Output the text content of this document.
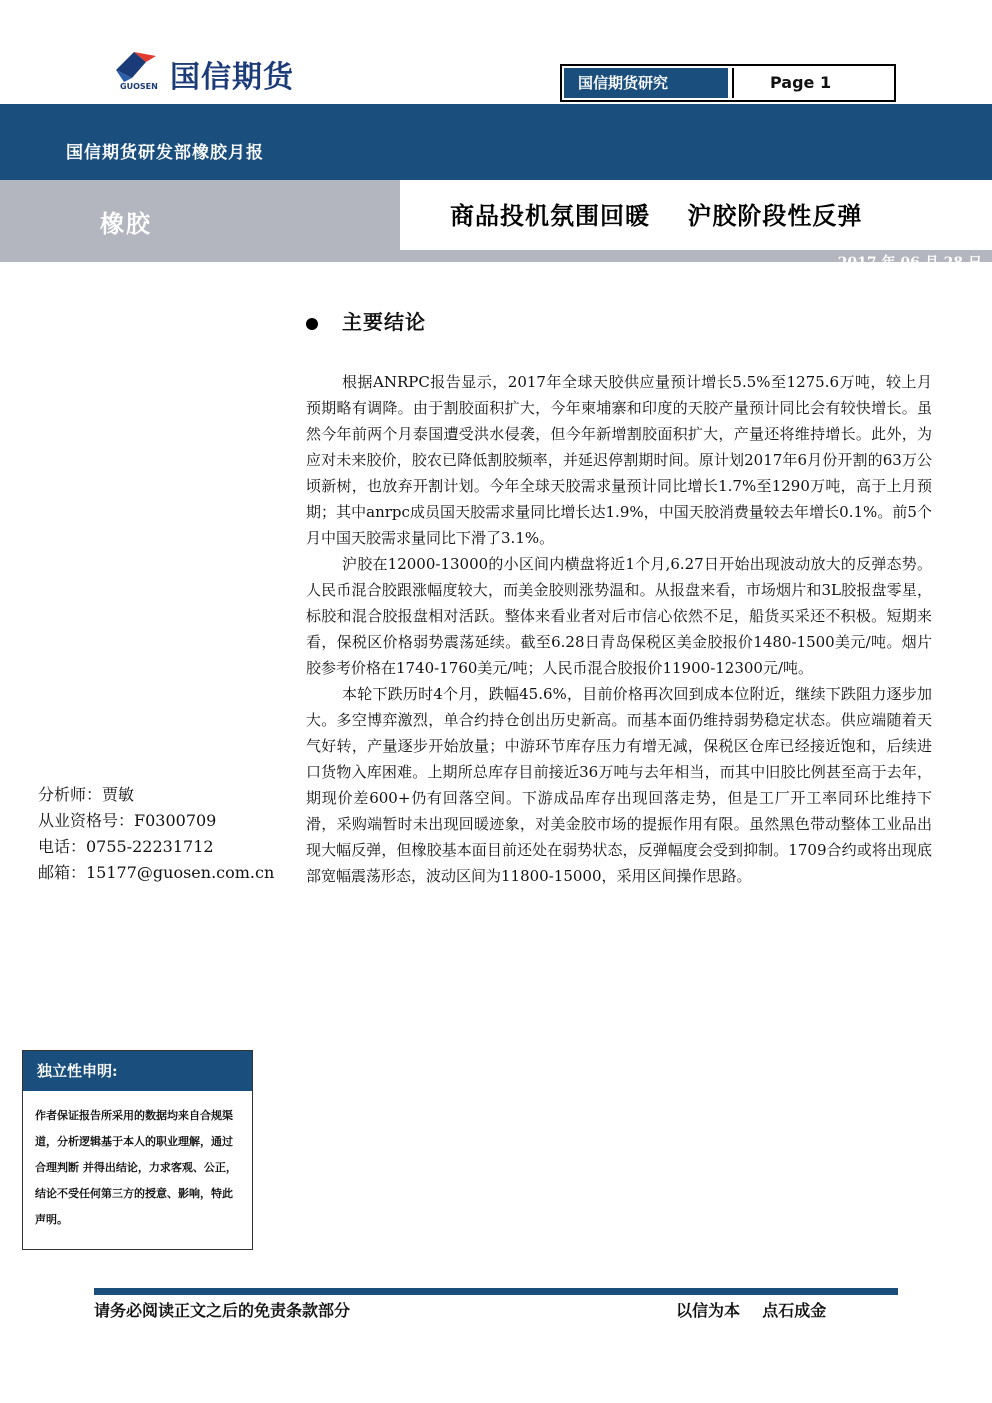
国信期货
GUOSEN	国信期货研究	Page 1
国信期货研发部橡胶月报
橡胶	商品投机氛围回暖    沪胶阶段性反弹
2017 年 06 月 28 日
主要结论

根据ANRPC报告显示，2017年全球天胶供应量预计增长5.5%至1275.6万吨，较上月预期略有调降。由于割胶面积扩大，今年柬埔寨和印度的天胶产量预计同比会有较快增长。虽然今年前两个月泰国遭受洪水侵袭，但今年新增割胶面积扩大，产量还将维持增长。此外，为应对未来胶价，胶农已降低割胶频率，并延迟停割期时间。原计划2017年6月份开割的63万公顷新树，也放弃开割计划。今年全球天胶需求量预计同比增长1.7%至1290万吨，高于上月预期；其中anrpc成员国天胶需求量同比增长达1.9%，中国天胶消费量较去年增长0.1%。前5个月中国天胶需求量同比下滑了3.1%。

沪胶在12000-13000的小区间内横盘将近1个月,6.27日开始出现波动放大的反弹态势。人民币混合胶跟涨幅度较大，而美金胶则涨势温和。从报盘来看，市场烟片和3L胶报盘零星，标胶和混合胶报盘相对活跃。整体来看业者对后市信心依然不足，船货买采还不积极。短期来看，保税区价格弱势震荡延续。截至6.28日青岛保税区美金胶报价1480-1500美元/吨。烟片胶参考价格在1740-1760美元/吨；人民币混合胶报价11900-12300元/吨。

本轮下跌历时4个月，跌幅45.6%，目前价格再次回到成本位附近，继续下跌阻力逐步加大。多空博弈激烈，单合约持仓创出历史新高。而基本面仍维持弱势稳定状态。供应端随着天气好转，产量逐步开始放量；中游环节库存压力有增无减，保税区仓库已经接近饱和，后续进口货物入库困难。上期所总库存目前接近36万吨与去年相当，而其中旧胶比例甚至高于去年，期现价差600+仍有回落空间。下游成品库存出现回落走势，但是工厂开工率同环比维持下滑，采购端暂时未出现回暖迹象，对美金胶市场的提振作用有限。虽然黑色带动整体工业品出现大幅反弹，但橡胶基本面目前还处在弱势状态，反弹幅度会受到抑制。1709合约或将出现底部宽幅震荡形态，波动区间为11800-15000，采用区间操作思路。

分析师：贾敏
从业资格号：F0300709
电话：0755-22231712
邮箱：15177@guosen.com.cn
独立性申明:
作者保证报告所采用的数据均来自合规渠道，分析逻辑基于本人的职业理解，通过合理判断 并得出结论，力求客观、公正，结论不受任何第三方的授意、影响，特此声明。
请务必阅读正文之后的免责条款部分	以信为本    点石成金
